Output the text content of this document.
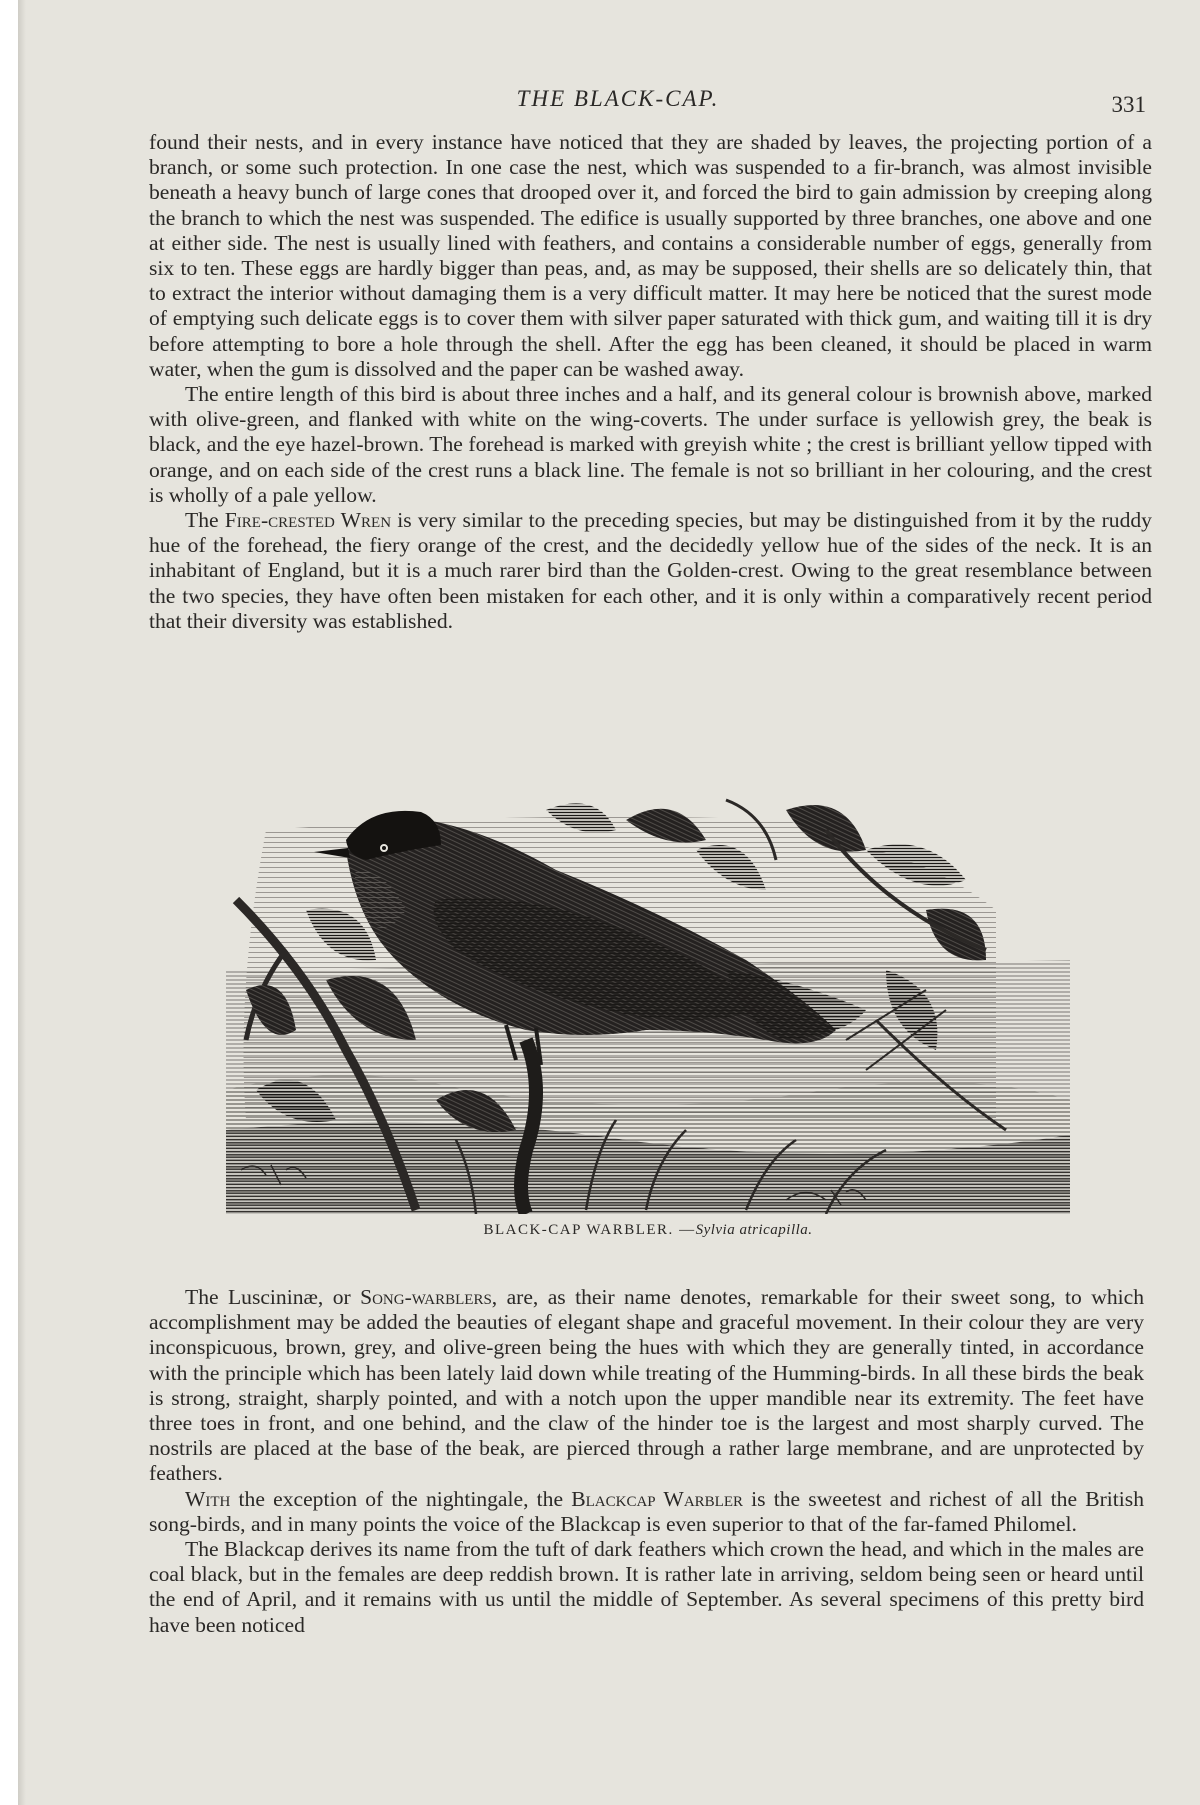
THE BLACK-CAP.	331

found their nests, and in every instance have noticed that they are shaded by leaves, the projecting portion of a branch, or some such protection. In one case the nest, which was suspended to a fir-branch, was almost invisible beneath a heavy bunch of large cones that drooped over it, and forced the bird to gain admission by creeping along the branch to which the nest was suspended. The edifice is usually supported by three branches, one above and one at either side. The nest is usually lined with feathers, and contains a considerable number of eggs, generally from six to ten. These eggs are hardly bigger than peas, and, as may be supposed, their shells are so delicately thin, that to extract the interior without damaging them is a very difficult matter. It may here be noticed that the surest mode of emptying such delicate eggs is to cover them with silver paper saturated with thick gum, and waiting till it is dry before attempting to bore a hole through the shell. After the egg has been cleaned, it should be placed in warm water, when the gum is dissolved and the paper can be washed away.

The entire length of this bird is about three inches and a half, and its general colour is brownish above, marked with olive-green, and flanked with white on the wing-coverts. The under surface is yellowish grey, the beak is black, and the eye hazel-brown. The forehead is marked with greyish white ; the crest is brilliant yellow tipped with orange, and on each side of the crest runs a black line. The female is not so brilliant in her colouring, and the crest is wholly of a pale yellow.

The Fire-crested Wren is very similar to the preceding species, but may be distinguished from it by the ruddy hue of the forehead, the fiery orange of the crest, and the decidedly yellow hue of the sides of the neck. It is an inhabitant of England, but it is a much rarer bird than the Golden-crest. Owing to the great resemblance between the two species, they have often been mistaken for each other, and it is only within a comparatively recent period that their diversity was established.

BLACK-CAP WARBLER. —Sylvia atricapilla.

The Luscininæ, or Song-warblers, are, as their name denotes, remarkable for their sweet song, to which accomplishment may be added the beauties of elegant shape and graceful movement. In their colour they are very inconspicuous, brown, grey, and olive-green being the hues with which they are generally tinted, in accordance with the principle which has been lately laid down while treating of the Humming-birds. In all these birds the beak is strong, straight, sharply pointed, and with a notch upon the upper mandible near its extremity. The feet have three toes in front, and one behind, and the claw of the hinder toe is the largest and most sharply curved. The nostrils are placed at the base of the beak, are pierced through a rather large membrane, and are unprotected by feathers.

With the exception of the nightingale, the Blackcap Warbler is the sweetest and richest of all the British song-birds, and in many points the voice of the Blackcap is even superior to that of the far-famed Philomel.

The Blackcap derives its name from the tuft of dark feathers which crown the head, and which in the males are coal black, but in the females are deep reddish brown. It is rather late in arriving, seldom being seen or heard until the end of April, and it remains with us until the middle of September. As several specimens of this pretty bird have been noticed
